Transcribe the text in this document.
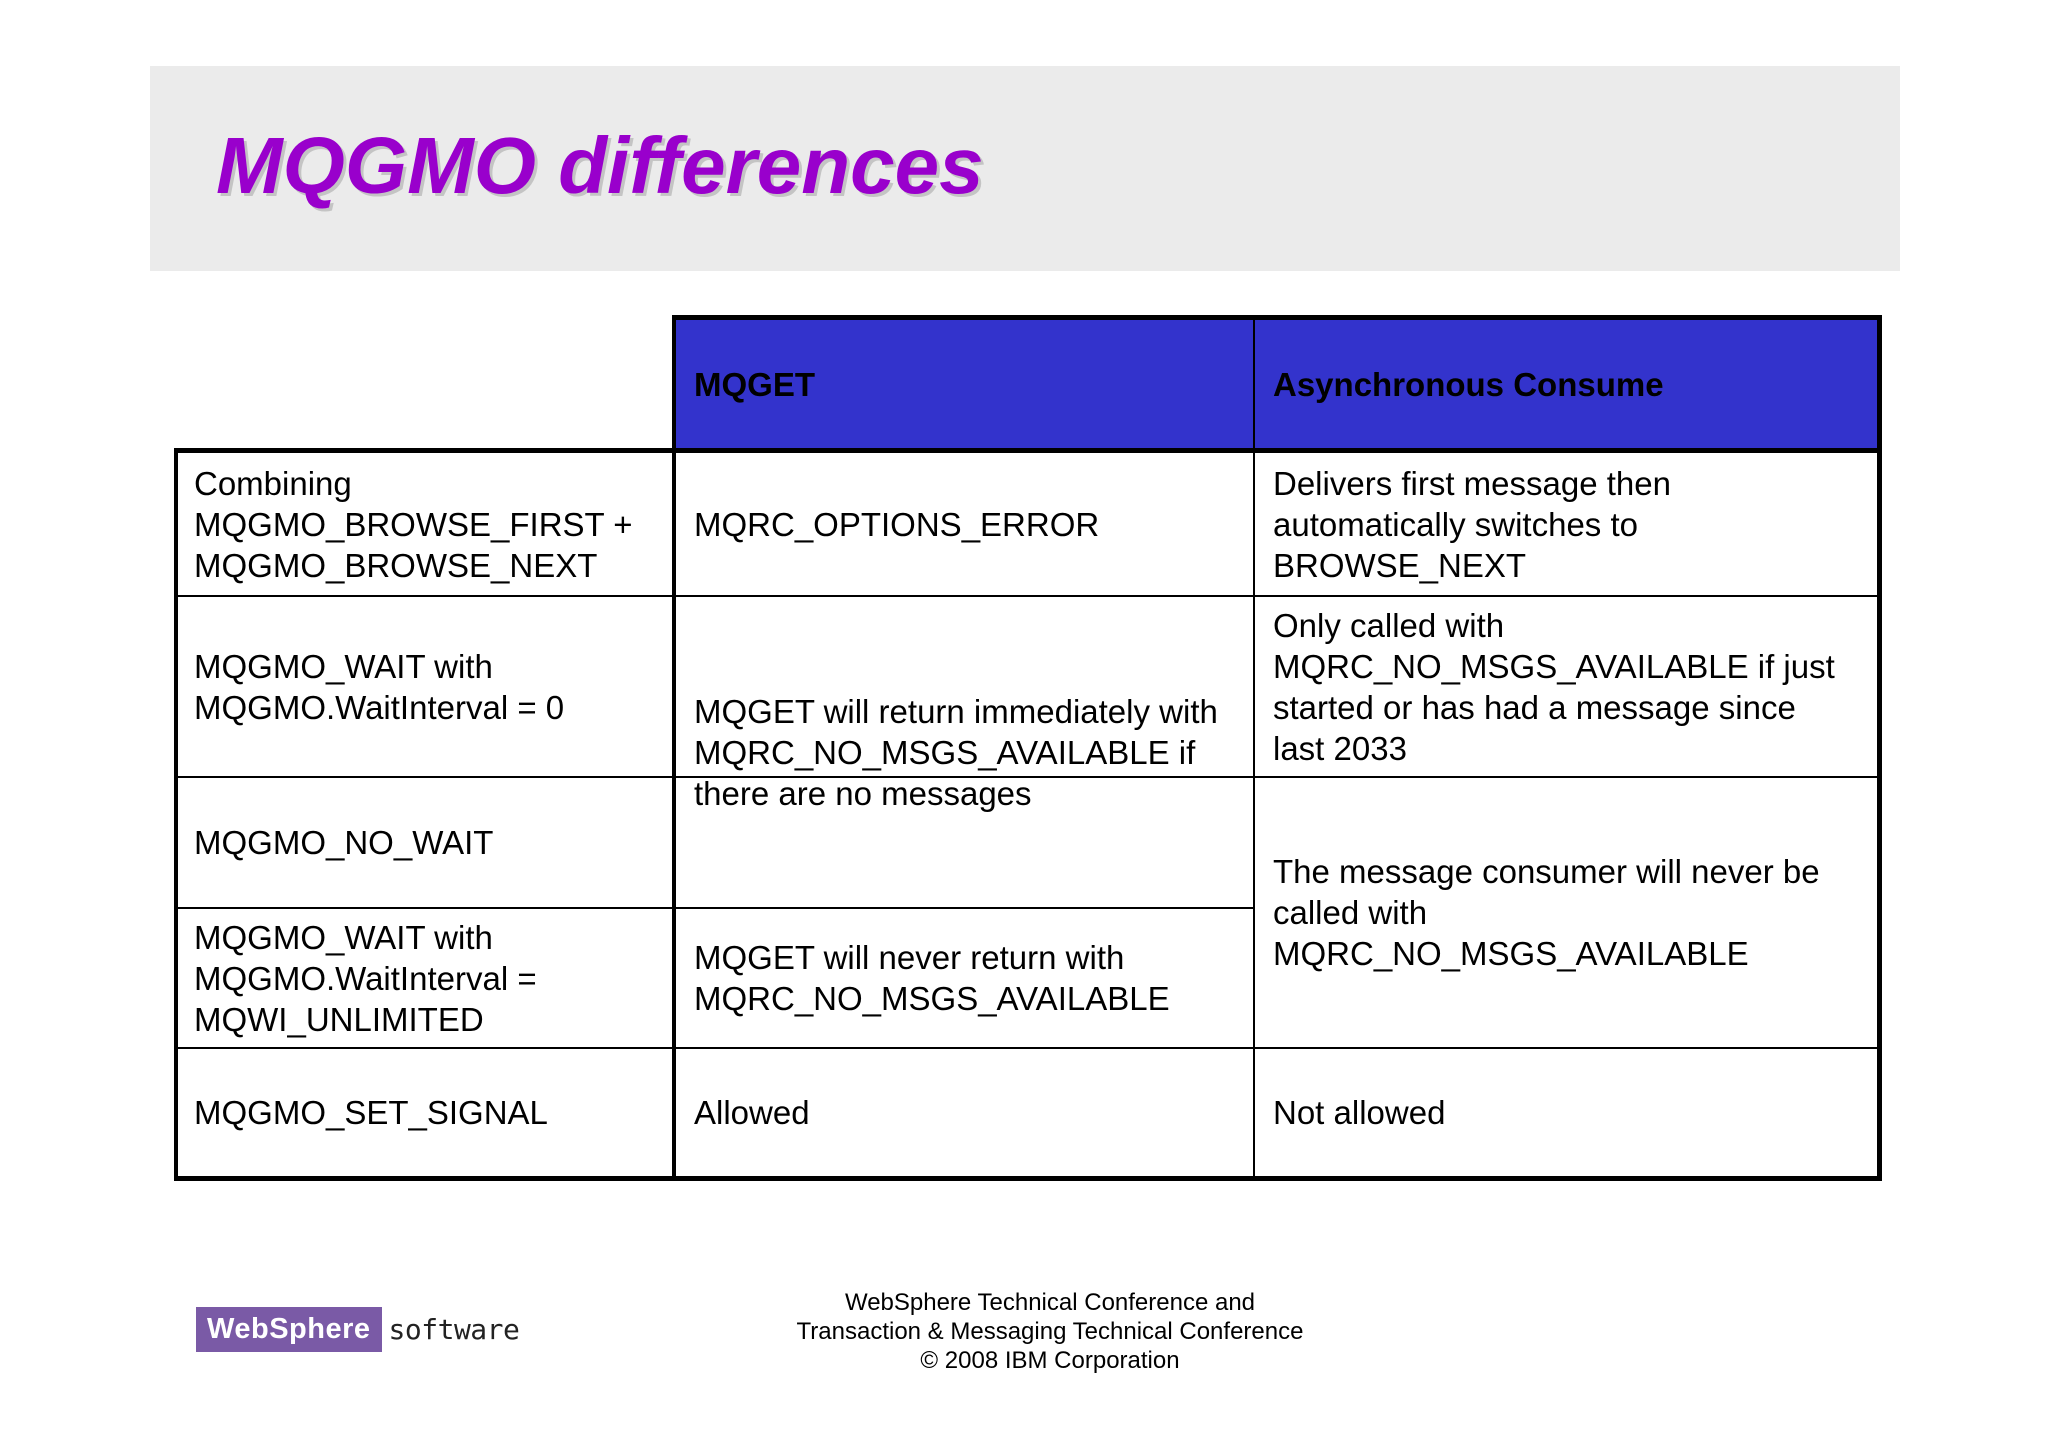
MQGMO differences
MQGET	Asynchronous Consume
Combining
MQGMO_BROWSE_FIRST +
MQGMO_BROWSE_NEXT
MQGMO_WAIT with
MQGMO.WaitInterval = 0
MQGMO_NO_WAIT
MQGMO_WAIT with
MQGMO.WaitInterval =
MQWI_UNLIMITED
MQGMO_SET_SIGNAL
MQRC_OPTIONS_ERROR
MQGET will return immediately with
MQRC_NO_MSGS_AVAILABLE if
there are no messages
MQGET will never return with
MQRC_NO_MSGS_AVAILABLE
Allowed
Delivers first message then
automatically switches to
BROWSE_NEXT
Only called with
MQRC_NO_MSGS_AVAILABLE if just
started or has had a message since
last 2033
The message consumer will never be
called with
MQRC_NO_MSGS_AVAILABLE
Not allowed
WebSphere software
WebSphere Technical Conference and
Transaction & Messaging Technical Conference
© 2008 IBM Corporation
